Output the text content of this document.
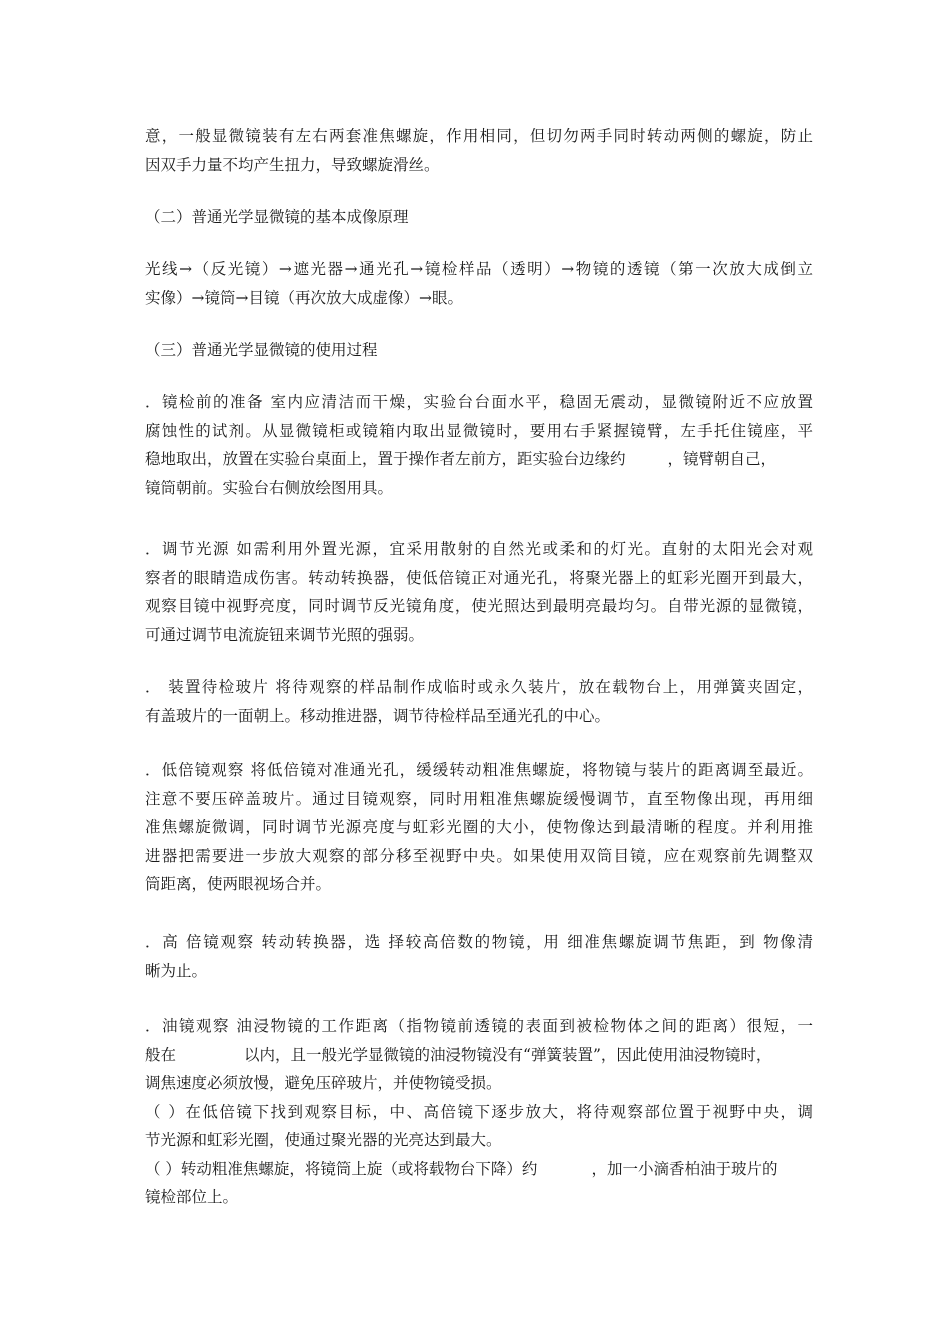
意，一般显微镜装有左右两套准焦螺旋，作用相同，但切勿两手同时转动两侧的螺旋，防止
因双手力量不均产生扭力，导致螺旋滑丝。
（二）普通光学显微镜的基本成像原理
光线→（反光镜）→遮光器→通光孔→镜检样品（透明）→物镜的透镜（第一次放大成倒立
实像）→镜筒→目镜（再次放大成虚像）→眼。
（三）普通光学显微镜的使用过程
．镜检前的准备 室内应清洁而干燥，实验台台面水平，稳固无震动，显微镜附近不应放置
腐蚀性的试剂。从显微镜柜或镜箱内取出显微镜时，要用右手紧握镜臂，左手托住镜座，平
稳地取出，放置在实验台桌面上，置于操作者左前方，距实验台边缘约	，镜臂朝自己，
镜筒朝前。实验台右侧放绘图用具。
．调节光源 如需利用外置光源，宜采用散射的自然光或柔和的灯光。直射的太阳光会对观
察者的眼睛造成伤害。转动转换器，使低倍镜正对通光孔，将聚光器上的虹彩光圈开到最大，
观察目镜中视野亮度，同时调节反光镜角度，使光照达到最明亮最均匀。自带光源的显微镜，
可通过调节电流旋钮来调节光照的强弱。
． 装置待检玻片 将待观察的样品制作成临时或永久装片，放在载物台上，用弹簧夹固定，
有盖玻片的一面朝上。移动推进器，调节待检样品至通光孔的中心。
．低倍镜观察 将低倍镜对准通光孔，缓缓转动粗准焦螺旋，将物镜与装片的距离调至最近。
注意不要压碎盖玻片。通过目镜观察，同时用粗准焦螺旋缓慢调节，直至物像出现，再用细
准焦螺旋微调，同时调节光源亮度与虹彩光圈的大小，使物像达到最清晰的程度。并利用推
进器把需要进一步放大观察的部分移至视野中央。如果使用双筒目镜，应在观察前先调整双
筒距离，使两眼视场合并。
．高 倍镜观察 转动转换器，选 择较高倍数的物镜，用 细准焦螺旋调节焦距，到 物像清
晰为止。
．油镜观察 油浸物镜的工作距离（指物镜前透镜的表面到被检物体之间的距离）很短，一
般在	以内，且一般光学显微镜的油浸物镜没有“弹簧装置”，因此使用油浸物镜时，
调焦速度必须放慢，避免压碎玻片，并使物镜受损。
（ ）在低倍镜下找到观察目标，中、高倍镜下逐步放大，将待观察部位置于视野中央，调
节光源和虹彩光圈，使通过聚光器的光亮达到最大。
（ ）转动粗准焦螺旋，将镜筒上旋（或将载物台下降）约	，加一小滴香柏油于玻片的
镜检部位上。
